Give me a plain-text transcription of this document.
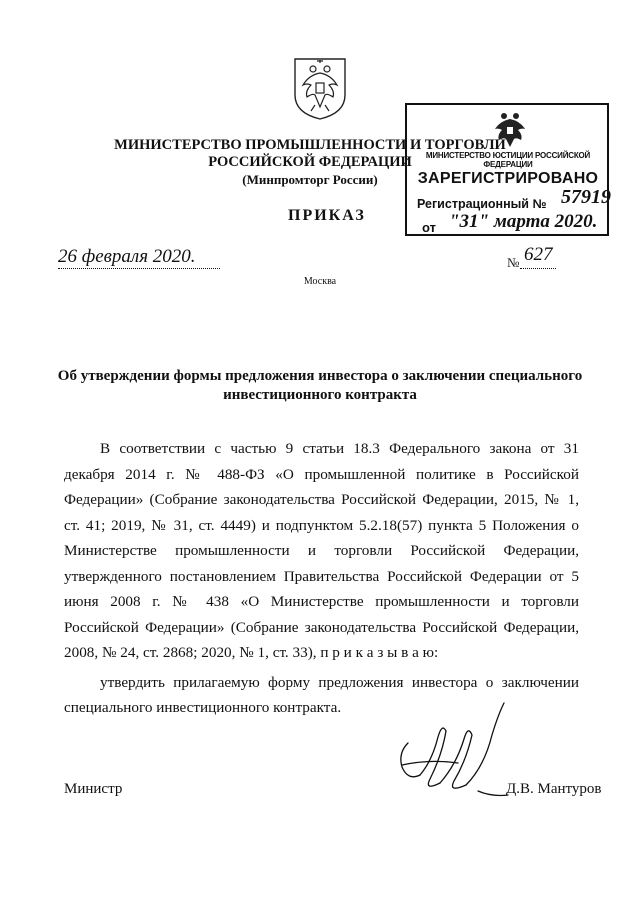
МИНИСТЕРСТВО ПРОМЫШЛЕННОСТИ И ТОРГОВЛИ
РОССИЙСКОЙ ФЕДЕРАЦИИ
(Минпромторг России)
МИНИСТЕРСТВО ЮСТИЦИИ РОССИЙСКОЙ ФЕДЕРАЦИИ
ЗАРЕГИСТРИРОВАНО
Регистрационный № 57919
от "31" марта 2020.
ПРИКАЗ
26 февраля 2020.	№ 627
Москва
Об утверждении формы предложения инвестора о заключении специального инвестиционного контракта

В соответствии с частью 9 статьи 18.3 Федерального закона от 31 декабря 2014 г. № 488-ФЗ «О промышленной политике в Российской Федерации» (Собрание законодательства Российской Федерации, 2015, № 1, ст. 41; 2019, № 31, ст. 4449) и подпунктом 5.2.18(57) пункта 5 Положения о Министерстве промышленности и торговли Российской Федерации, утвержденного постановлением Правительства Российской Федерации от 5 июня 2008 г. № 438 «О Министерстве промышленности и торговли Российской Федерации» (Собрание законодательства Российской Федерации, 2008, № 24, ст. 2868; 2020, № 1, ст. 33), п р и к а з ы в а ю:

утвердить прилагаемую форму предложения инвестора о заключении специального инвестиционного контракта.

Министр	Д.В. Мантуров
